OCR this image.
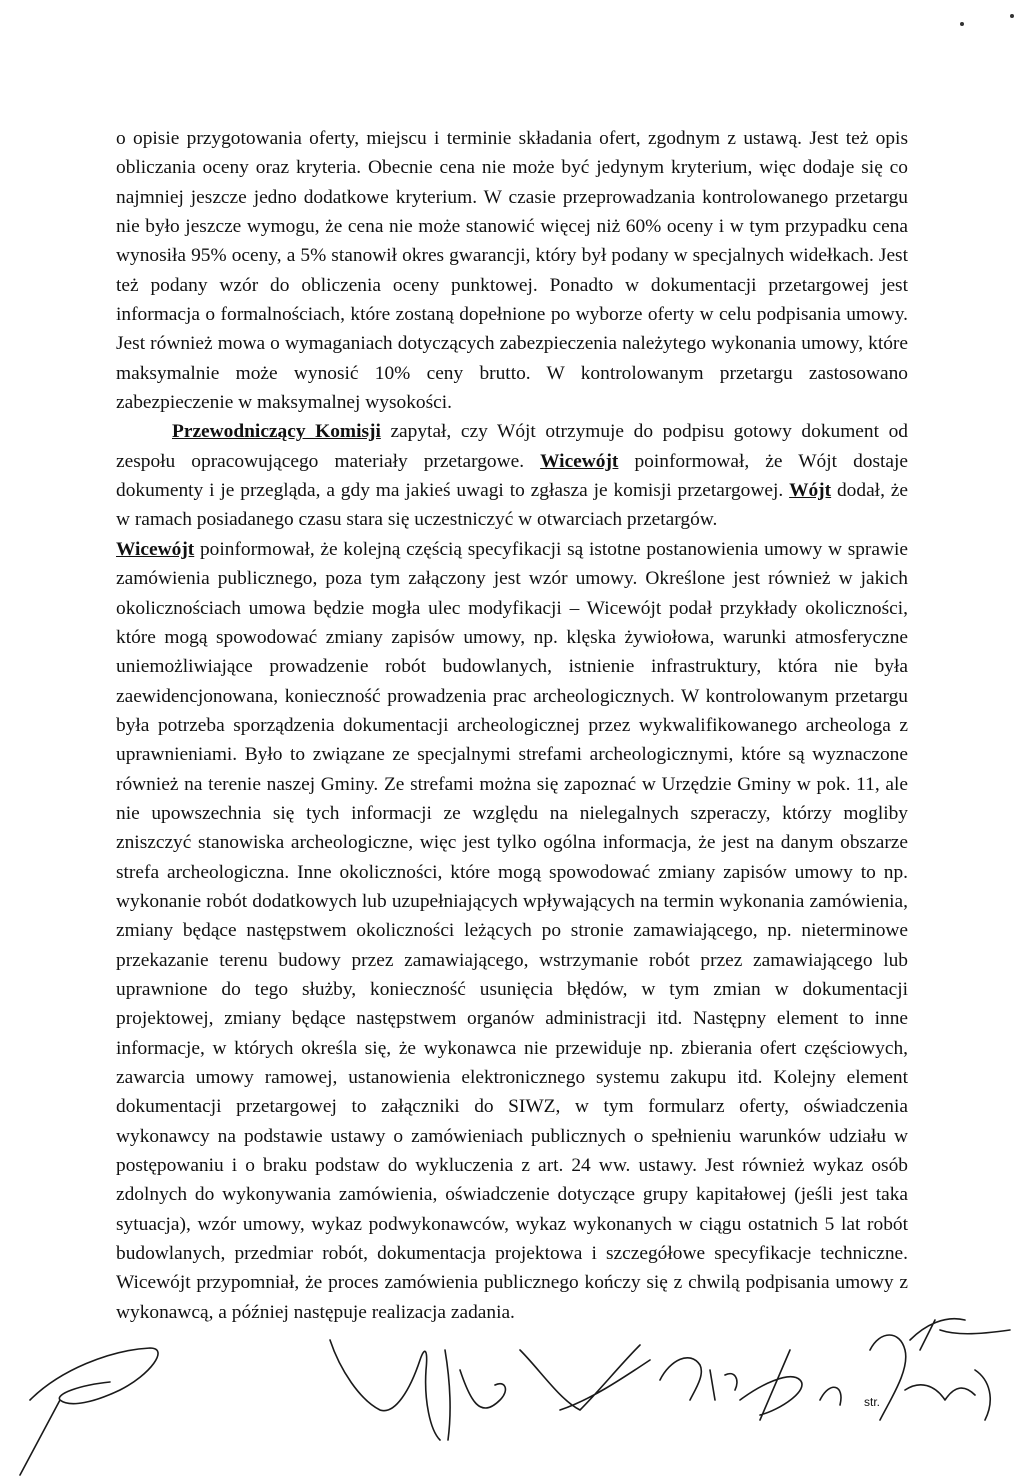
o opisie przygotowania oferty, miejscu i terminie składania ofert, zgodnym z ustawą. Jest też opis obliczania oceny oraz kryteria. Obecnie cena nie może być jedynym kryterium, więc dodaje się co najmniej jeszcze jedno dodatkowe kryterium. W czasie przeprowadzania kontrolowanego przetargu nie było jeszcze wymogu, że cena nie może stanowić więcej niż 60% oceny i w tym przypadku cena wynosiła 95% oceny, a 5% stanowił okres gwarancji, który był podany w specjalnych widełkach. Jest też podany wzór do obliczenia oceny punktowej. Ponadto w dokumentacji przetargowej jest informacja o formalnościach, które zostaną dopełnione po wyborze oferty w celu podpisania umowy. Jest również mowa o wymaganiach dotyczących zabezpieczenia należytego wykonania umowy, które maksymalnie może wynosić 10% ceny brutto. W kontrolowanym przetargu zastosowano zabezpieczenie w maksymalnej wysokości.

Przewodniczący Komisji zapytał, czy Wójt otrzymuje do podpisu gotowy dokument od zespołu opracowującego materiały przetargowe. Wicewójt poinformował, że Wójt dostaje dokumenty i je przegląda, a gdy ma jakieś uwagi to zgłasza je komisji przetargowej. Wójt dodał, że w ramach posiadanego czasu stara się uczestniczyć w otwarciach przetargów.

Wicewójt poinformował, że kolejną częścią specyfikacji są istotne postanowienia umowy w sprawie zamówienia publicznego, poza tym załączony jest wzór umowy. Określone jest również w jakich okolicznościach umowa będzie mogła ulec modyfikacji – Wicewójt podał przykłady okoliczności, które mogą spowodować zmiany zapisów umowy, np. klęska żywiołowa, warunki atmosferyczne uniemożliwiające prowadzenie robót budowlanych, istnienie infrastruktury, która nie była zaewidencjonowana, konieczność prowadzenia prac archeologicznych. W kontrolowanym przetargu była potrzeba sporządzenia dokumentacji archeologicznej przez wykwalifikowanego archeologa z uprawnieniami. Było to związane ze specjalnymi strefami archeologicznymi, które są wyznaczone również na terenie naszej Gminy. Ze strefami można się zapoznać w Urzędzie Gminy w pok. 11, ale nie upowszechnia się tych informacji ze względu na nielegalnych szperaczy, którzy mogliby zniszczyć stanowiska archeologiczne, więc jest tylko ogólna informacja, że jest na danym obszarze strefa archeologiczna. Inne okoliczności, które mogą spowodować zmiany zapisów umowy to np. wykonanie robót dodatkowych lub uzupełniających wpływających na termin wykonania zamówienia, zmiany będące następstwem okoliczności leżących po stronie zamawiającego, np. nieterminowe przekazanie terenu budowy przez zamawiającego, wstrzymanie robót przez zamawiającego lub uprawnione do tego służby, konieczność usunięcia błędów, w tym zmian w dokumentacji projektowej, zmiany będące następstwem organów administracji itd. Następny element to inne informacje, w których określa się, że wykonawca nie przewiduje np. zbierania ofert częściowych, zawarcia umowy ramowej, ustanowienia elektronicznego systemu zakupu itd. Kolejny element dokumentacji przetargowej to załączniki do SIWZ, w tym formularz oferty, oświadczenia wykonawcy na podstawie ustawy o zamówieniach publicznych o spełnieniu warunków udziału w postępowaniu i o braku podstaw do wykluczenia z art. 24 ww. ustawy. Jest również wykaz osób zdolnych do wykonywania zamówienia, oświadczenie dotyczące grupy kapitałowej (jeśli jest taka sytuacja), wzór umowy, wykaz podwykonawców, wykaz wykonanych w ciągu ostatnich 5 lat robót budowlanych, przedmiar robót, dokumentacja projektowa i szczegółowe specyfikacje techniczne. Wicewójt przypomniał, że proces zamówienia publicznego kończy się z chwilą podpisania umowy z wykonawcą, a później następuje realizacja zadania.

str.
